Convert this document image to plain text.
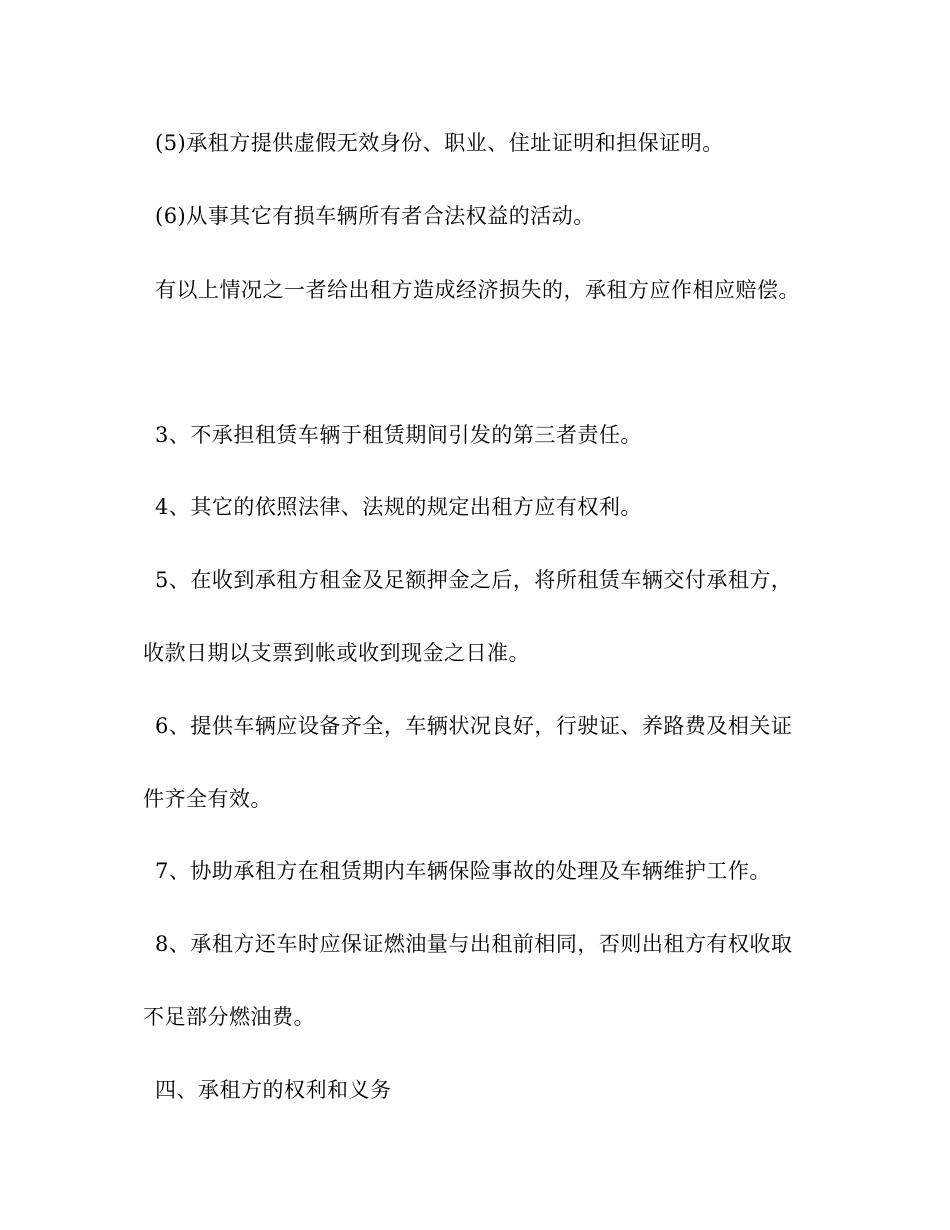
(5)承租方提供虚假无效身份、职业、住址证明和担保证明。
(6)从事其它有损车辆所有者合法权益的活动。
有以上情况之一者给出租方造成经济损失的，承租方应作相应赔偿。
3、不承担租赁车辆于租赁期间引发的第三者责任。
4、其它的依照法律、法规的规定出租方应有权利。
5、在收到承租方租金及足额押金之后，将所租赁车辆交付承租方，
收款日期以支票到帐或收到现金之日准。
6、提供车辆应设备齐全，车辆状况良好，行驶证、养路费及相关证
件齐全有效。
7、协助承租方在租赁期内车辆保险事故的处理及车辆维护工作。
8、承租方还车时应保证燃油量与出租前相同，否则出租方有权收取
不足部分燃油费。
四、承租方的权利和义务
